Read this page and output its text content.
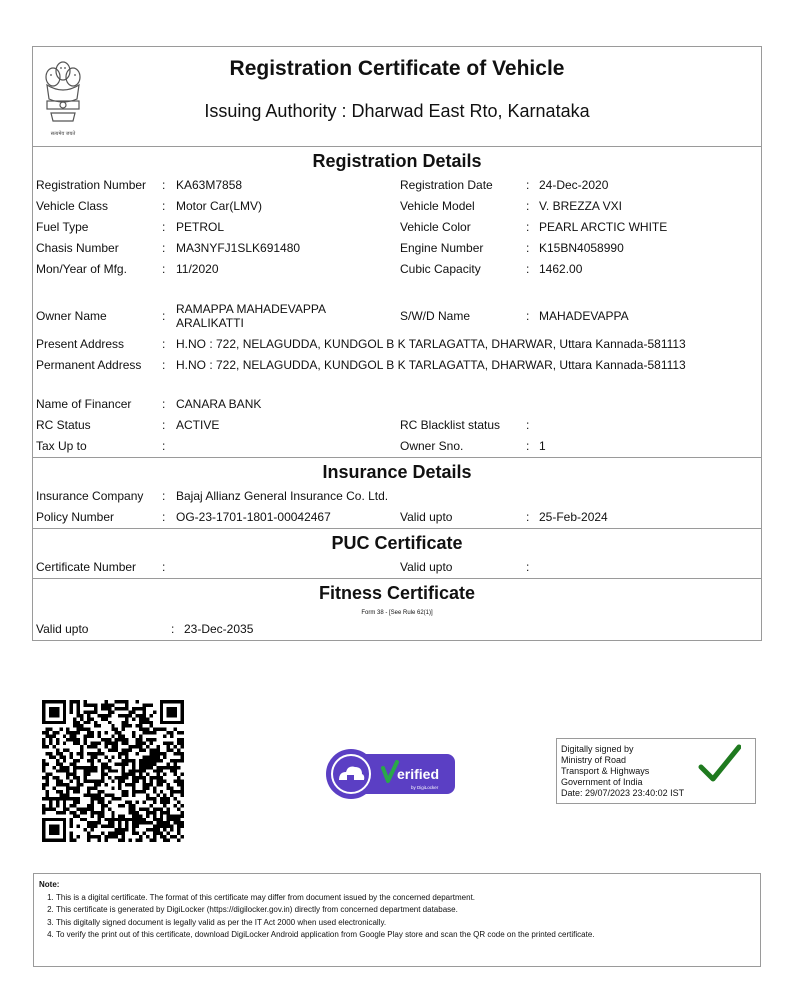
सत्यमेव जयते
Registration Certificate of Vehicle
Issuing Authority : Dharwad East Rto, Karnataka
Registration Details
Registration Number : KA63M7858	Registration Date	: 24-Dec-2020
Vehicle Class	: Motor Car(LMV)	Vehicle Model	: V. BREZZA VXI
Fuel Type	: PETROL	Vehicle Color	: PEARL ARCTIC WHITE
Chasis Number	: MA3NYFJ1SLK691480	Engine Number	: K15BN4058990
Mon/Year of Mfg.	: 11/2020	Cubic Capacity	: 1462.00
Owner Name	: RAMAPPA MAHADEVAPPA ARALIKATTI	S/W/D Name	: MAHADEVAPPA
Present Address	: H.NO : 722, NELAGUDDA, KUNDGOL B K TARLAGATTA, DHARWAR, Uttara Kannada-581113
Permanent Address : H.NO : 722, NELAGUDDA, KUNDGOL B K TARLAGATTA, DHARWAR, Uttara Kannada-581113
Name of Financer	: CANARA BANK
RC Status	: ACTIVE	RC Blacklist status :
Tax Up to	:	Owner Sno.	: 1
Insurance Details
Insurance Company : Bajaj Allianz General Insurance Co. Ltd.
Policy Number	: OG-23-1701-1801-00042467	Valid upto	: 25-Feb-2024
PUC Certificate
Certificate Number :	Valid upto	:
Fitness Certificate
Form 38 - [See Rule 62(1)]
Valid upto	: 23-Dec-2035
erified
by DigiLocker
Digitally signed by
Ministry of Road
Transport & Highways
Government of India
Date: 29/07/2023 23:40:02 IST
Note:
1. This is a digital certificate. The format of this certificate may differ from document issued by the concerned department.
2. This certificate is generated by DigiLocker (https://digilocker.gov.in) directly from concerned department database.
3. This digitally signed document is legally valid as per the IT Act 2000 when used electronically.
4. To verify the print out of this certificate, download DigiLocker Android application from Google Play store and scan the QR code on the printed certificate.
